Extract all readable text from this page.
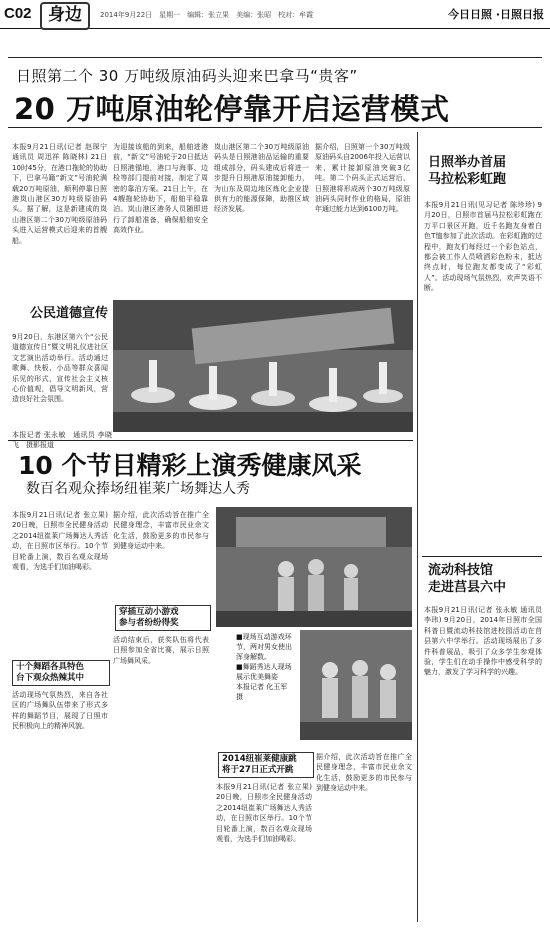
C02 身边	2014年9月22日　星期一　编辑：张立果　美编：张昭　校对：牟霞	今日日照 ·日照日报
日照第二个 30 万吨级原油码头迎来巴拿马“贵客”
20 万吨原油轮停靠开启运营模式
本报9月21日讯(记者 赵琛宁 通讯员 周迅祥 陈晓林) 21日10时45分，在港口拖轮的协助下，巴拿马籍“新文”号油轮满载20万吨原油，顺利停靠日照港岚山港区30万吨级原油码头。据了解，这是新建成的岚山港区第二个30万吨级原油码头进入运营模式后迎来的首艘船。
为迎接该船的到来，船舶进港前，“新文”号油轮于20日抵达日照港锚地，港口与海事、边检等部门提前对接，制定了周密的靠泊方案。21日上午，在4艘拖轮协助下，船舶平稳靠泊。岚山港区港务人员随即进行了卸船准备，确保船舶安全高效作业。
岚山港区第二个30万吨级原油码头是日照港油品运输的重要组成部分，码头建成后将进一步提升日照港原油接卸能力，为山东及周边地区炼化企业提供有力的能源保障，助推区域经济发展。
据介绍，日照第一个30万吨级原油码头自2006年投入运营以来，累计接卸原油突破3亿吨。第二个码头正式运营后，日照港将形成两个30万吨级原油码头同时作业的格局，原油年通过能力达到6100万吨。
公民道德宣传
9月20日，东港区第六个“公民道德宣传日”暨文明礼仪进社区文艺演出活动举行。活动通过歌舞、快板、小品等群众喜闻乐见的形式，宣传社会主义核心价值观，倡导文明新风，营造良好社会氛围。
本报记者 张永敏　通讯员 李晓飞　摄影报道
10 个节目精彩上演秀健康风采
数百名观众捧场纽崔莱广场舞达人秀
本报9月21日讯(记者 张立果) 20日晚，日照市全民健身活动之2014纽崔莱广场舞达人秀活动，在日照市区举行。10个节目轮番上演，数百名观众现场观看，为选手们加油喝彩。
十个舞蹈各具特色
台下观众热辣其中
活动现场气氛热烈，来自各社区的广场舞队伍带来了形式多样的舞蹈节目，展现了日照市民积极向上的精神风貌。
据介绍，此次活动旨在推广全民健身理念，丰富市民业余文化生活，鼓励更多的市民参与到健身运动中来。
穿插互动小游戏
参与者纷纷得奖
活动结束后，获奖队伍将代表日照参加全省比赛，展示日照广场舞风采。
■现场互动游戏环节，两对男女使出浑身解数。
■舞蹈秀达人现场展示优美舞姿
本报记者 化玉军 摄
2014纽崔莱健康跳
将于27日正式开跳
本报9月21日讯(记者 张立果) 20日晚，日照市全民健身活动之2014纽崔莱广场舞达人秀活动，在日照市区举行。10个节目轮番上演，数百名观众现场观看，为选手们加油喝彩。
据介绍，此次活动旨在推广全民健身理念，丰富市民业余文化生活，鼓励更多的市民参与到健身运动中来。
日照举办首届
马拉松彩虹跑
本报9月21日讯(见习记者 陈珍珍) 9月20日，日照市首届马拉松彩虹跑在万平口景区开跑，近千名跑友身着白色T恤参加了此次活动。在彩虹跑的过程中，跑友们每经过一个彩色站点，都会被工作人员喷洒彩色粉末，抵达终点时，每位跑友都变成了“彩虹人”。活动现场气氛热烈，欢声笑语不断。
流动科技馆
走进莒县六中
本报9月21日讯(记者 张永敏 通讯员 李玮) 9月20日，2014年日照市全国科普日暨流动科技馆进校园活动在莒县第六中学举行。活动现场展出了多件科普展品，吸引了众多学生参观体验，学生们在动手操作中感受科学的魅力，激发了学习科学的兴趣。
